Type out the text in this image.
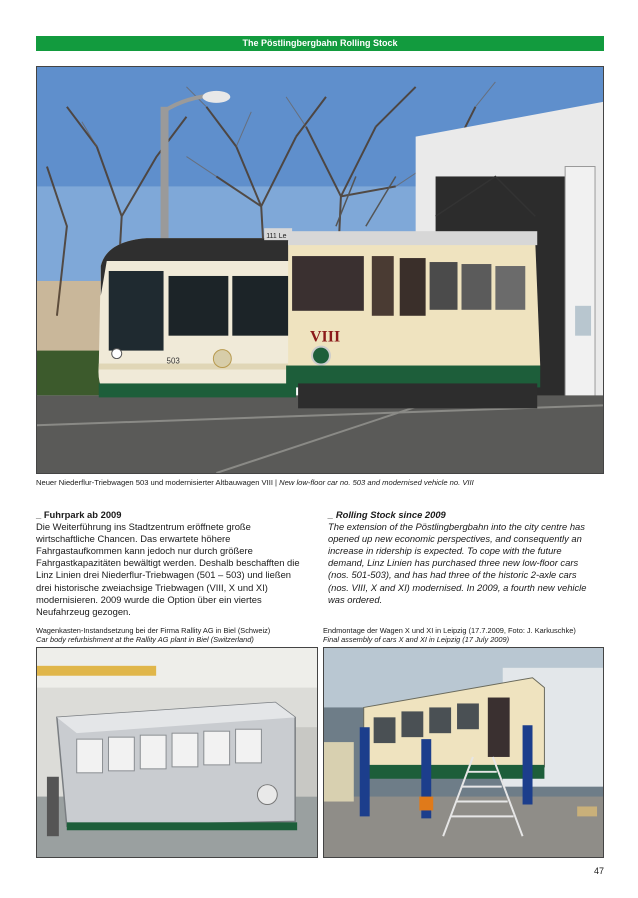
The Pöstlingbergbahn Rolling Stock
503
111 Le
VIII
Neuer Niederflur-Triebwagen 503 und modernisierter Altbauwagen VIII | New low-floor car no. 503 and modernised vehicle no. VIII
_ Fuhrpark ab 2009
Die Weiterführung ins Stadtzentrum eröffnete große wirtschaftliche Chancen. Das erwartete höhere Fahrgastaufkommen kann jedoch nur durch größere Fahrgastkapazitäten bewältigt werden. Deshalb beschafften die Linz Linien drei Niederflur-Triebwagen (501 – 503) und ließen drei historische zweiachsige Triebwagen (VIII, X und XI) modernisieren. 2009 wurde die Option über ein viertes Neufahrzeug gezogen.
_ Rolling Stock since 2009
The extension of the Pöstlingbergbahn into the city centre has opened up new economic perspectives, and consequently an increase in ridership is expected. To cope with the future demand, Linz Linien has purchased three new low-floor cars (nos. 501-503), and has had three of the historic 2-axle cars (nos. VIII, X and XI) modernised. In 2009, a fourth new vehicle was ordered.
Wagenkasten-Instandsetzung bei der Firma Rallity AG in Biel (Schweiz)
Car body refurbishment at the Rallity AG plant in Biel (Switzerland)
Endmontage der Wagen X und XI in Leipzig (17.7.2009, Foto: J. Karkuschke)
Final assembly of cars X and XI in Leipzig (17 July 2009)
47
